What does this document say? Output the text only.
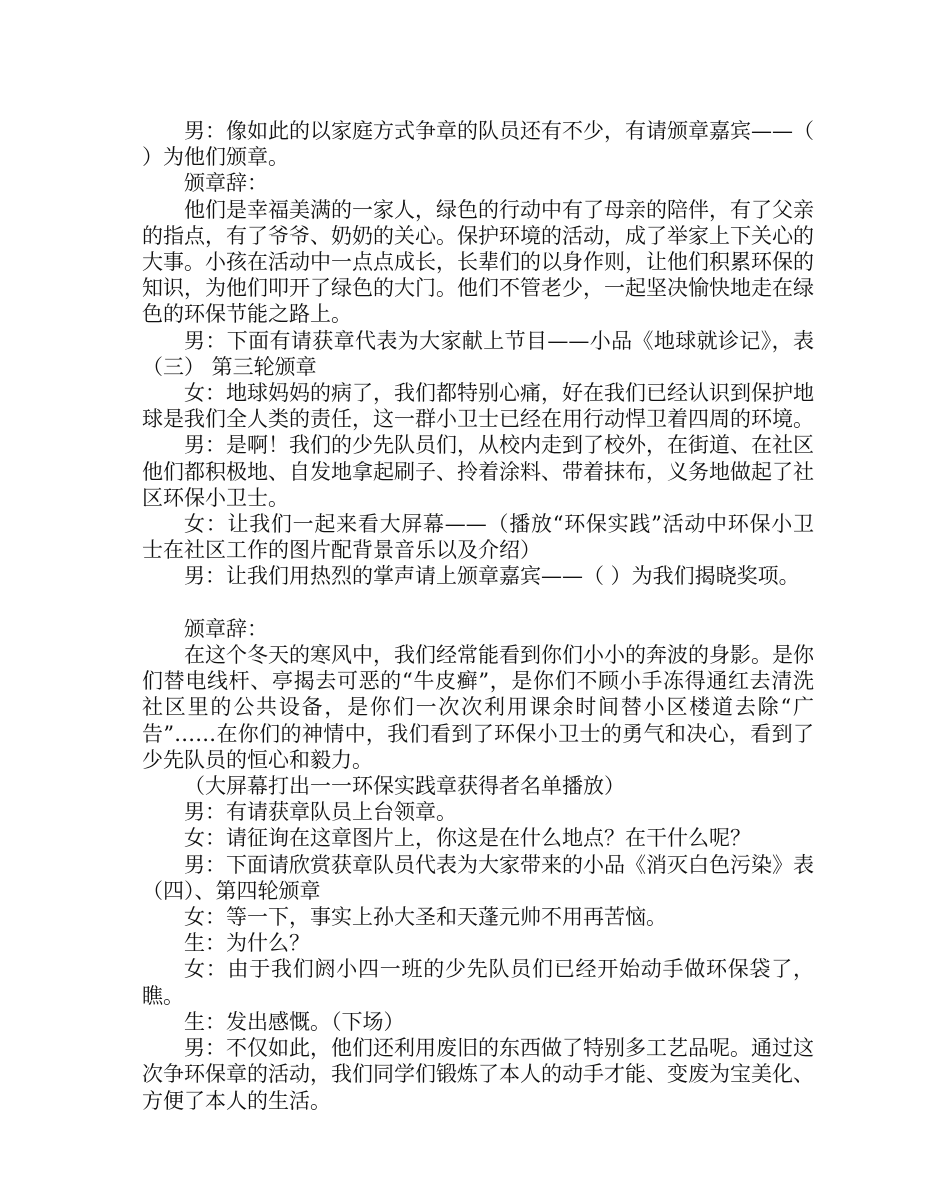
男：像如此的以家庭方式争章的队员还有不少，有请颁章嘉宾——（ ）为他们颁章。

颁章辞：

他们是幸福美满的一家人，绿色的行动中有了母亲的陪伴，有了父亲的指点，有了爷爷、奶奶的关心。保护环境的活动，成了举家上下关心的大事。小孩在活动中一点点成长，长辈们的以身作则，让他们积累环保的知识，为他们叩开了绿色的大门。他们不管老少，一起坚决愉快地走在绿色的环保节能之路上。

男：下面有请获章代表为大家献上节目——小品《地球就诊记》，表（三） 第三轮颁章

女：地球妈妈的病了，我们都特别心痛，好在我们已经认识到保护地球是我们全人类的责任，这一群小卫士已经在用行动悍卫着四周的环境。

男：是啊！我们的少先队员们，从校内走到了校外，在街道、在社区他们都积极地、自发地拿起刷子、拎着涂料、带着抹布，义务地做起了社区环保小卫士。

女：让我们一起来看大屏幕——（播放“环保实践”活动中环保小卫士在社区工作的图片配背景音乐以及介绍）

男：让我们用热烈的掌声请上颁章嘉宾——（ ）为我们揭晓奖项。

颁章辞：

在这个冬天的寒风中，我们经常能看到你们小小的奔波的身影。是你们替电线杆、亭揭去可恶的“牛皮癣”，是你们不顾小手冻得通红去清洗社区里的公共设备，是你们一次次利用课余时间替小区楼道去除“广告”……在你们的神情中，我们看到了环保小卫士的勇气和决心，看到了少先队员的恒心和毅力。

（大屏幕打出一一环保实践章获得者名单播放）

男：有请获章队员上台领章。

女：请征询在这章图片上，你这是在什么地点？在干什么呢？

男：下面请欣赏获章队员代表为大家带来的小品《消灭白色污染》表（四）、第四轮颁章

女：等一下，事实上孙大圣和天蓬元帅不用再苦恼。

生：为什么？

女：由于我们阏小四一班的少先队员们已经开始动手做环保袋了，瞧。

生：发出感慨。（下场）

男：不仅如此，他们还利用废旧的东西做了特别多工艺品呢。通过这次争环保章的活动，我们同学们锻炼了本人的动手才能、变废为宝美化、方便了本人的生活。
